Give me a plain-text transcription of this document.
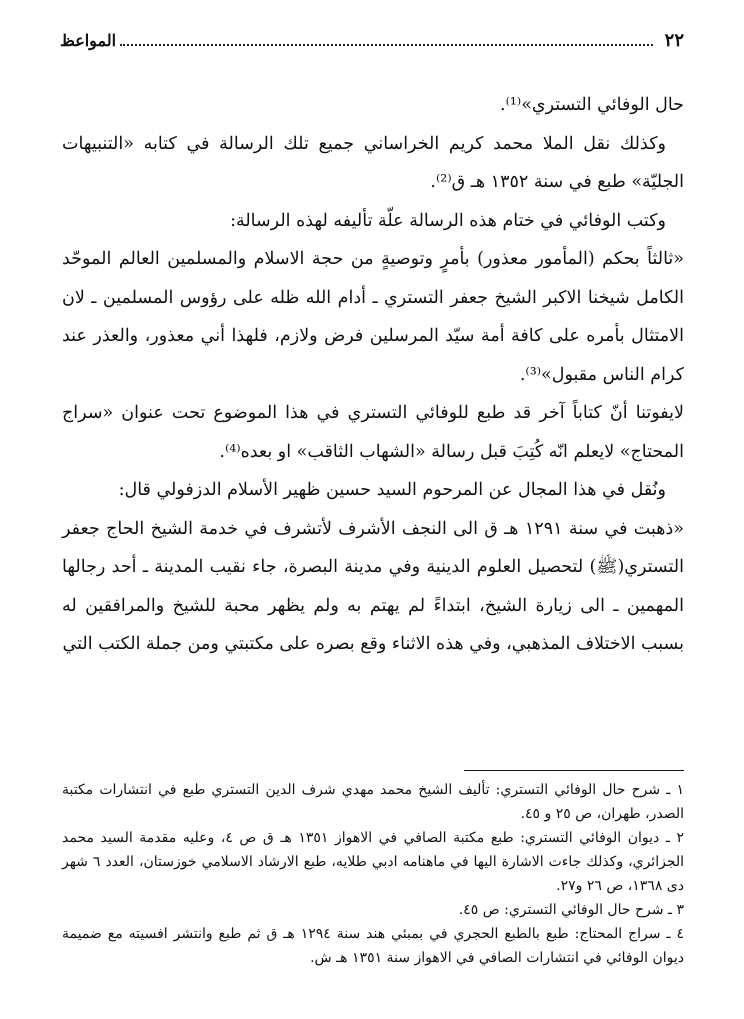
٢٢
المواعظ

حال الوفائي التستري»⁽¹⁾.

وكذلك نقل الملا محمد كريم الخراساني جميع تلك الرسالة في كتابه «التنبيهات الجليّة» طبع في سنة ١٣٥٢ هـ ق⁽²⁾.

وكتب الوفائي في ختام هذه الرسالة علّة تأليفه لهذه الرسالة:

«ثالثاً بحكم (المأمور معذور) بأمرٍ وتوصيةٍ من حجة الاسلام والمسلمين العالم الموحّد الكامل شيخنا الاكبر الشيخ جعفر التستري ـ أدام الله ظله على رؤوس المسلمين ـ لان الامتثال بأمره على كافة أمة سيّد المرسلين فرض ولازم، فلهذا أني معذور، والعذر عند كرام الناس مقبول»⁽³⁾.

لايفوتنا أنّ كتاباً آخر قد طبع للوفائي التستري في هذا الموضوع تحت عنوان «سراج المحتاج» لايعلم انّه كُتِبَ قبل رسالة «الشهاب الثاقب» او بعده⁽⁴⁾.

ونُقل في هذا المجال عن المرحوم السيد حسين ظهير الأسلام الدزفولي قال:

«ذهبت في سنة ١٢٩١ هـ ق الى النجف الأشرف لأتشرف في خدمة الشيخ الحاج جعفر التستري(ﷺ) لتحصيل العلوم الدينية وفي مدينة البصرة، جاء نقيب المدينة ـ أحد رجالها المهمين ـ الى زيارة الشيخ، ابتداءً لم يهتم به ولم يظهر محبة للشيخ والمرافقين له بسبب الاختلاف المذهبي، وفي هذه الاثناء وقع بصره على مكتبتي ومن جملة الكتب التي

١ ـ شرح حال الوفائي التستري: تأليف الشيخ محمد مهدي شرف الدين التستري طبع في انتشارات مكتبة الصدر، طهران، ص ٢٥ و ٤٥.

٢ ـ ديوان الوفائي التستري: طبع مكتبة الصافي في الاهواز ١٣٥١ هـ ق ص ٤، وعليه مقدمة السيد محمد الجزائري، وكذلك جاءت الاشارة اليها في ماهنامه ادبي طلايه، طبع الارشاد الاسلامي خوزستان، العدد ٦ شهر دى ١٣٦٨، ص ٢٦ و٢٧.

٣ ـ شرح حال الوفائي التستري: ص ٤٥.

٤ ـ سراج المحتاج: طبع بالطبع الحجري في بمبئي هند سنة ١٢٩٤ هـ ق ثم طبع وانتشر افسيته مع ضميمة ديوان الوفائي في انتشارات الصافي في الاهواز سنة ١٣٥١ هـ ش.
